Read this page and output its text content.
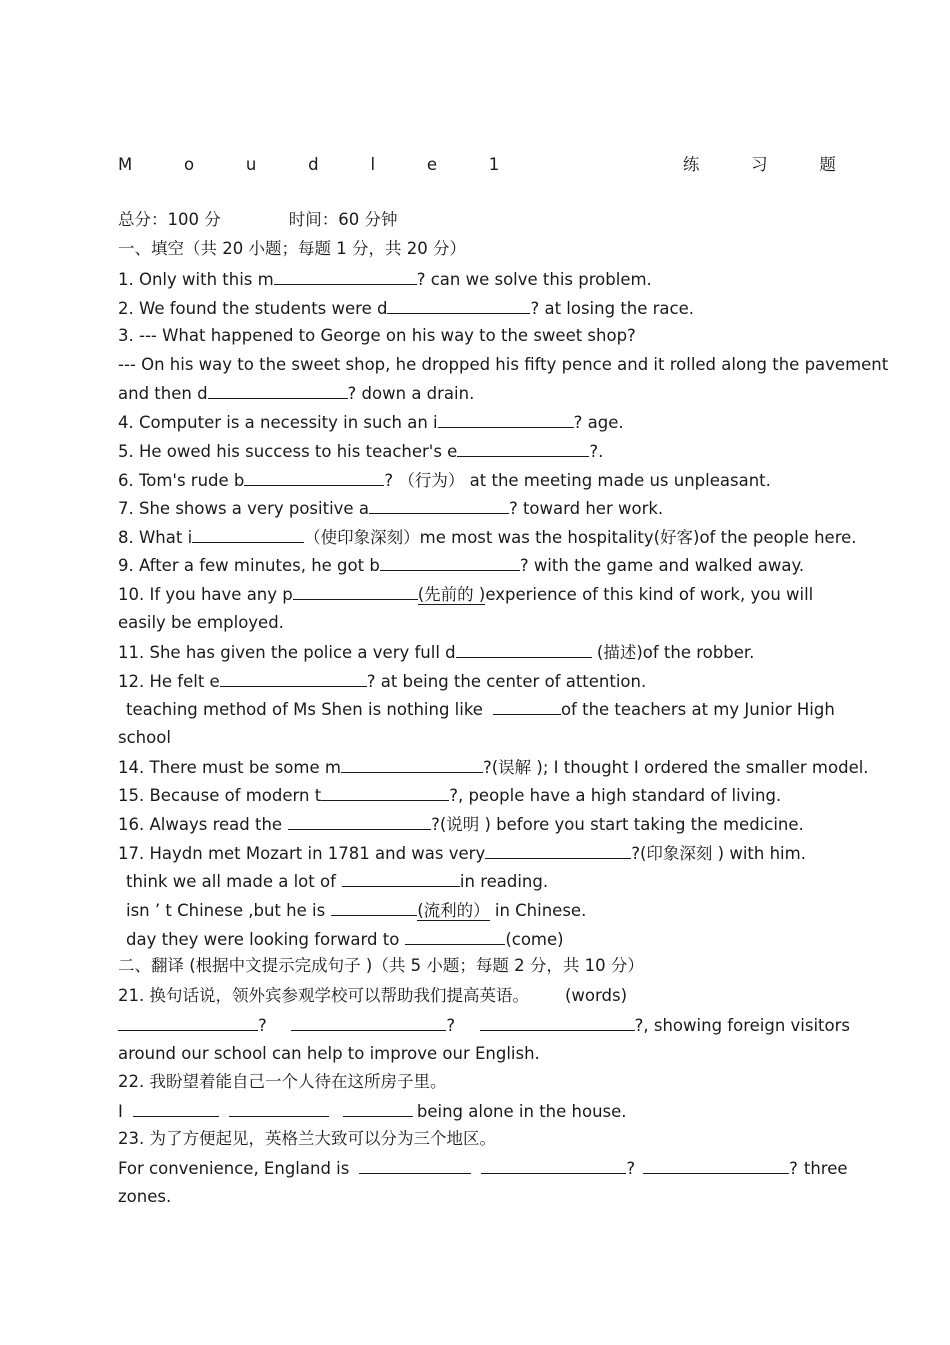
M	o	u	d	l	e	1	练	习	题
总分：100 分	时间：60 分钟
一、填空（共 20 小题；每题 1 分，共 20 分）
1. Only with this m	? can we solve this problem.
2. We found the students were d	? at losing the race.
3. --- What happened to George on his way to the sweet shop?
--- On his way to the sweet shop, he dropped his fifty pence and it rolled along the pavement
and then d	? down a drain.
4. Computer is a necessity in such an i	? age.
5. He owed his success to his teacher's e	?.
6. Tom's rude b	? （行为） at the meeting made us unpleasant.
7. She shows a very positive a	? toward her work.
8. What i	（使印象深刻）me most was the hospitality(好客)of the people here.
9. After a few minutes, he got b	? with the game and walked away.
10. If you have any p	(先前的 )experience of this kind of work, you will
easily be employed.
11. She has given the police a very full d	(描述)of the robber.
12. He felt e	? at being the center of attention.
teaching method of Ms Shen is nothing like	of the teachers at my Junior High
school
14. There must be some m	?(误解 ); I thought I ordered the smaller model.
15. Because of modern t	?, people have a high standard of living.
16. Always read the	?(说明 ) before you start taking the medicine.
17. Haydn met Mozart in 1781 and was very	?(印象深刻 ) with him.
think we all made a lot of	in reading.
isn ’ t Chinese ,but he is	(流利的） in Chinese.
day they were looking forward to	(come)
二、翻译 (根据中文提示完成句子 )（共 5 小题；每题 2 分，共 10 分）
21. 换句话说，领外宾参观学校可以帮助我们提高英语。 (words)
?	?	?, showing foreign visitors
around our school can help to improve our English.
22. 我盼望着能自己一个人待在这所房子里。
I	being alone in the house.
23. 为了方便起见，英格兰大致可以分为三个地区。
For convenience, England is	?	? three
zones.
